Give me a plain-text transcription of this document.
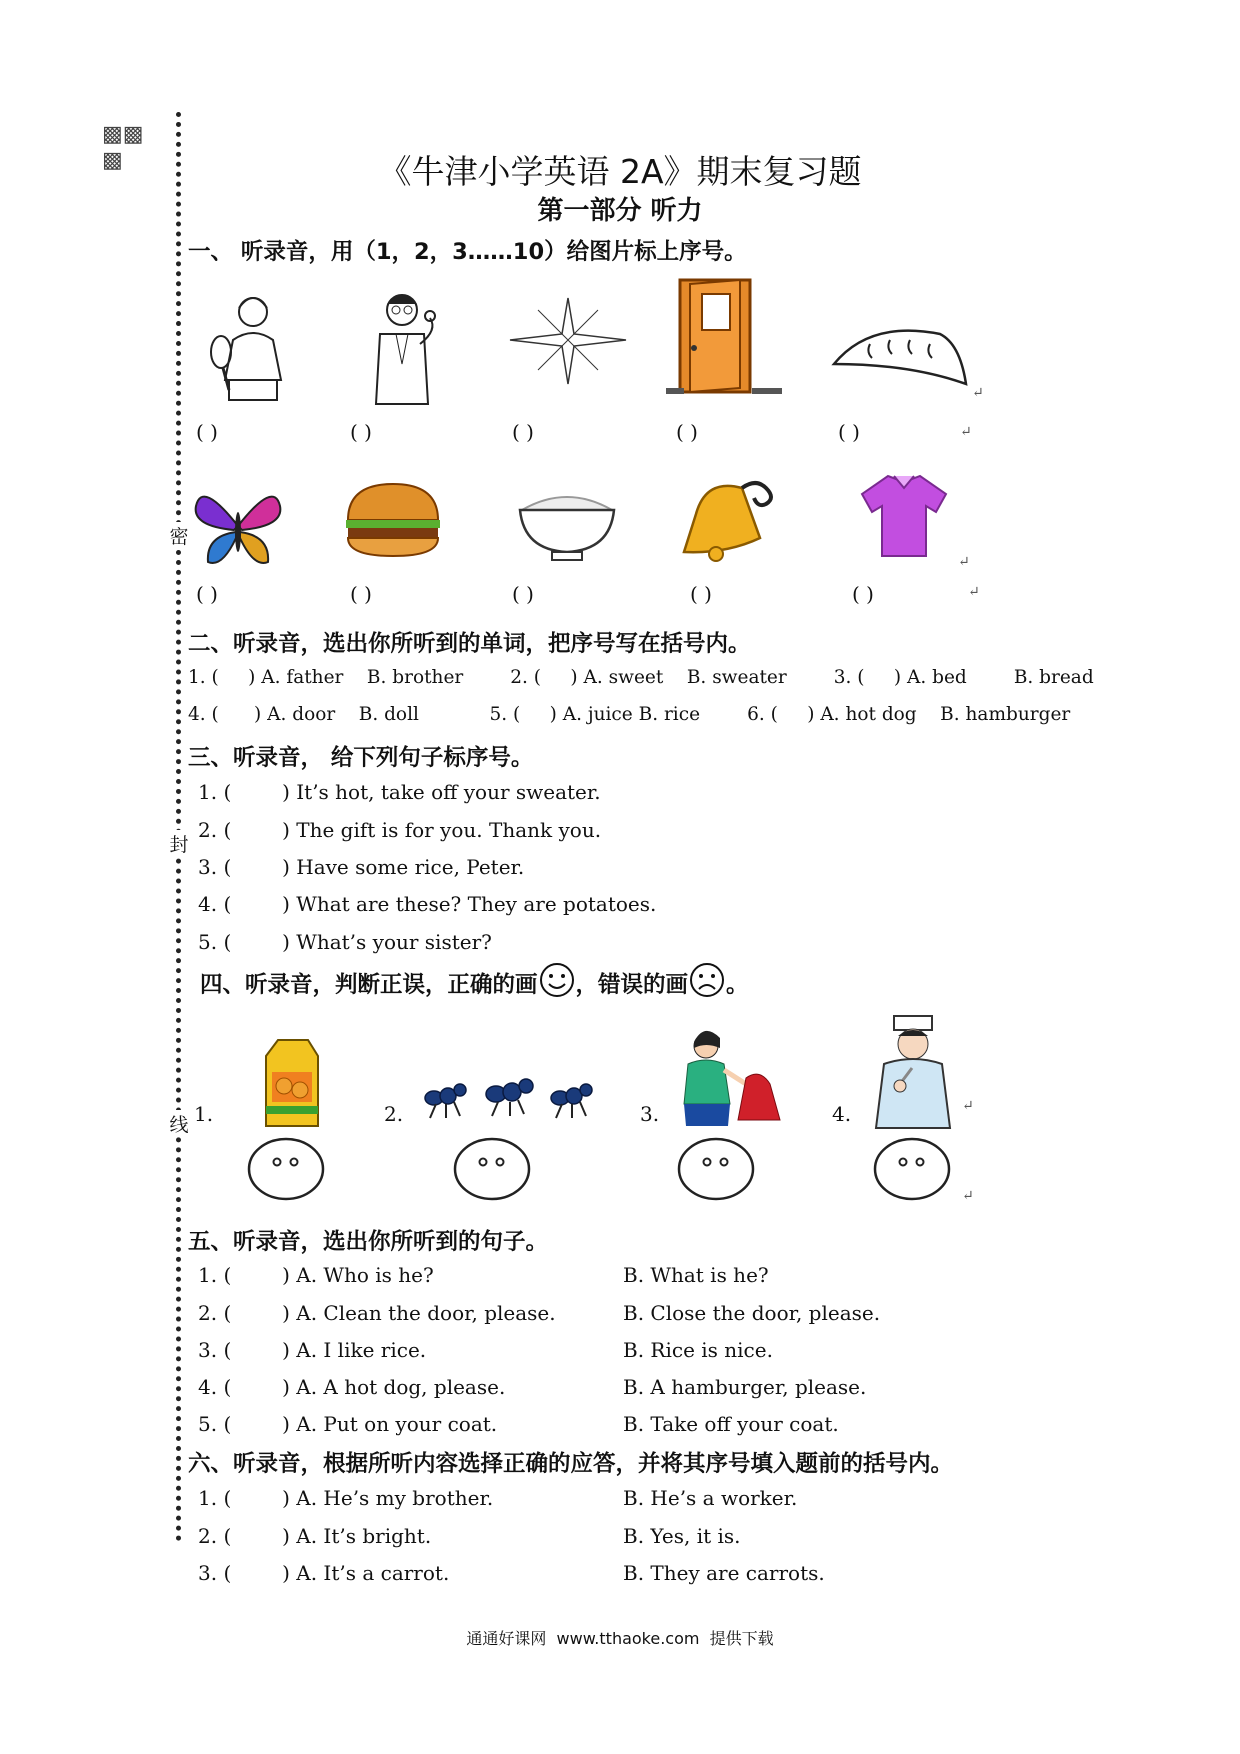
▩▩
▩
密
封
线
《牛津小学英语 2A》期末复习题
第一部分 听力
一、 听录音，用（1，2，3……10）给图片标上序号。
↵
( )	( )	( )	( )	( )	↵
↵
( )	( )	( )	( )	( )	↵
二、听录音，选出你所听到的单词，把序号写在括号内。
1. (     ) A. father    B. brother        2. (     ) A. sweet    B. sweater        3. (     ) A. bed        B. bread
4. (      ) A. door    B. doll            5. (     ) A. juice B. rice        6. (     ) A. hot dog    B. hamburger
三、听录音， 给下列句子标序号。
1. (        ) It’s hot, take off your sweater.
2. (        ) The gift is for you. Thank you.
3. (        ) Have some rice, Peter.
4. (        ) What are these? They are potatoes.
5. (        ) What’s your sister?
四、听录音，判断正误，正确的画 ，错误的画 。
1.	2.	3.	4.	↵
↵
五、听录音，选出你所听到的句子。
1. (        ) A. Who is he?	B. What is he?
2. (        ) A. Clean the door, please.	B. Close the door, please.
3. (        ) A. I like rice.	B. Rice is nice.
4. (        ) A. A hot dog, please.	B. A hamburger, please.
5. (        ) A. Put on your coat.	B. Take off your coat.
六、听录音，根据所听内容选择正确的应答，并将其序号填入题前的括号内。
1. (        ) A. He’s my brother.	B. He’s a worker.
2. (        ) A. It’s bright.	B. Yes, it is.
3. (        ) A. It’s a carrot.	B. They are carrots.
通通好课网  www.tthaoke.com  提供下载
